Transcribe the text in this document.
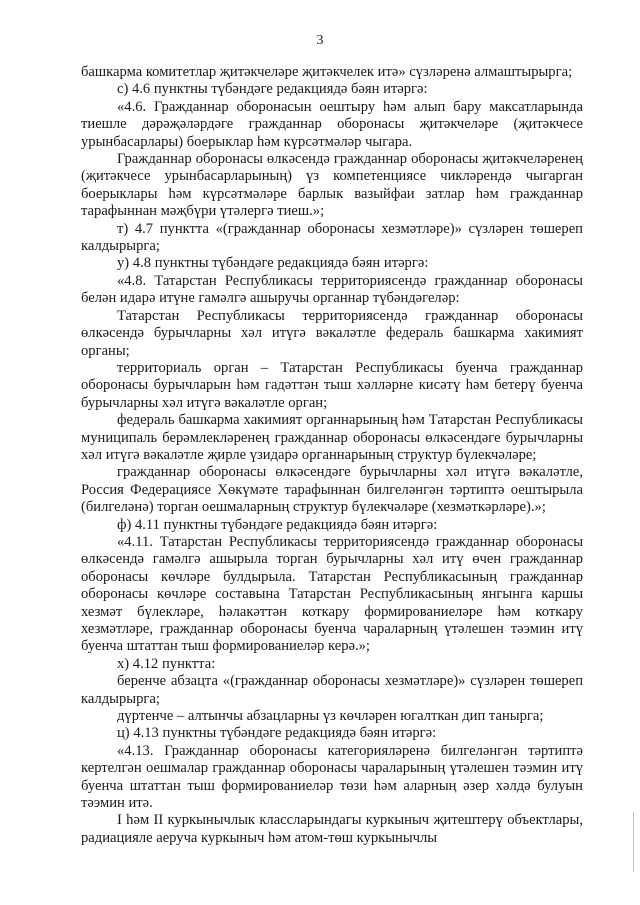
3

башкарма комитетлар җитәкчеләре җитәкчелек итә» сүзләренә алмаштырырга;

с) 4.6 пунктны түбәндәге редакциядә бәян итәргә:

«4.6. Гражданнар оборонасын оештыру һәм алып бару максатларында тиешле дәрәҗәләрдәге гражданнар оборонасы җитәкчеләре (җитәкчесе урынбасарлары) боерыклар һәм күрсәтмәләр чыгара.

Гражданнар оборонасы өлкәсендә гражданнар оборонасы җитәкчеләренең (җитәкчесе урынбасарларының) үз компетенциясе чикләрендә чыгарган боерыклары һәм күрсәтмәләре барлык вазыйфаи затлар һәм гражданнар тарафыннан мәҗбүри үтәлергә тиеш.»;

т) 4.7 пунктта «(гражданнар оборонасы хезмәтләре)» сүзләрен төшереп калдырырга;

у) 4.8 пунктны түбәндәге редакциядә бәян итәргә:

«4.8. Татарстан Республикасы территориясендә гражданнар оборонасы белән идарә итүне гамәлгә ашыручы органнар түбәндәгеләр:

Татарстан Республикасы территориясендә гражданнар оборонасы өлкәсендә бурычларны хәл итүгә вәкаләтле федераль башкарма хакимият органы;

территориаль орган – Татарстан Республикасы буенча гражданнар оборонасы бурычларын һәм гадәттән тыш хәлләрне кисәтү һәм бетерү буенча бурычларны хәл итүгә вәкаләтле орган;

федераль башкарма хакимият органнарының һәм Татарстан Республикасы муниципаль берәмлекләренең гражданнар оборонасы өлкәсендәге бурычларны хәл итүгә вәкаләтле җирле үзидарә органнарының структур бүлекчәләре;

гражданнар оборонасы өлкәсендәге бурычларны хәл итүгә вәкаләтле, Россия Федерациясе Хөкүмәте тарафыннан билгеләнгән тәртиптә оештырыла (билгеләнә) торган оешмаларның структур бүлекчәләре (хезмәткәрләре).»;

ф) 4.11 пунктны түбәндәге редакциядә бәян итәргә:

«4.11. Татарстан Республикасы территориясендә гражданнар оборонасы өлкәсендә гамәлгә ашырыла торган бурычларны хәл итү өчен гражданнар оборонасы көчләре булдырыла. Татарстан Республикасының гражданнар оборонасы көчләре составына Татарстан Республикасының янгынга каршы хезмәт бүлекләре, һәлакәттән коткару формированиеләре һәм коткару хезмәтләре, гражданнар оборонасы буенча чараларның үтәлешен тәэмин итү буенча штаттан тыш формированиеләр керә.»;

х) 4.12 пунктта:

беренче абзацта «(гражданнар оборонасы хезмәтләре)» сүзләрен төшереп калдырырга;

дүртенче – алтынчы абзацларны үз көчләрен югалткан дип танырга;

ц) 4.13 пунктны түбәндәге редакциядә бәян итәргә:

«4.13. Гражданнар оборонасы категорияләренә билгеләнгән тәртиптә кертелгән оешмалар гражданнар оборонасы чараларының үтәлешен тәэмин итү буенча штаттан тыш формированиеләр төзи һәм аларның әзер хәлдә булуын тәэмин итә.

I һәм II куркынычлык классларындагы куркыныч җитештерү объектлары, радиацияле аеруча куркыныч һәм атом-төш куркынычлы
